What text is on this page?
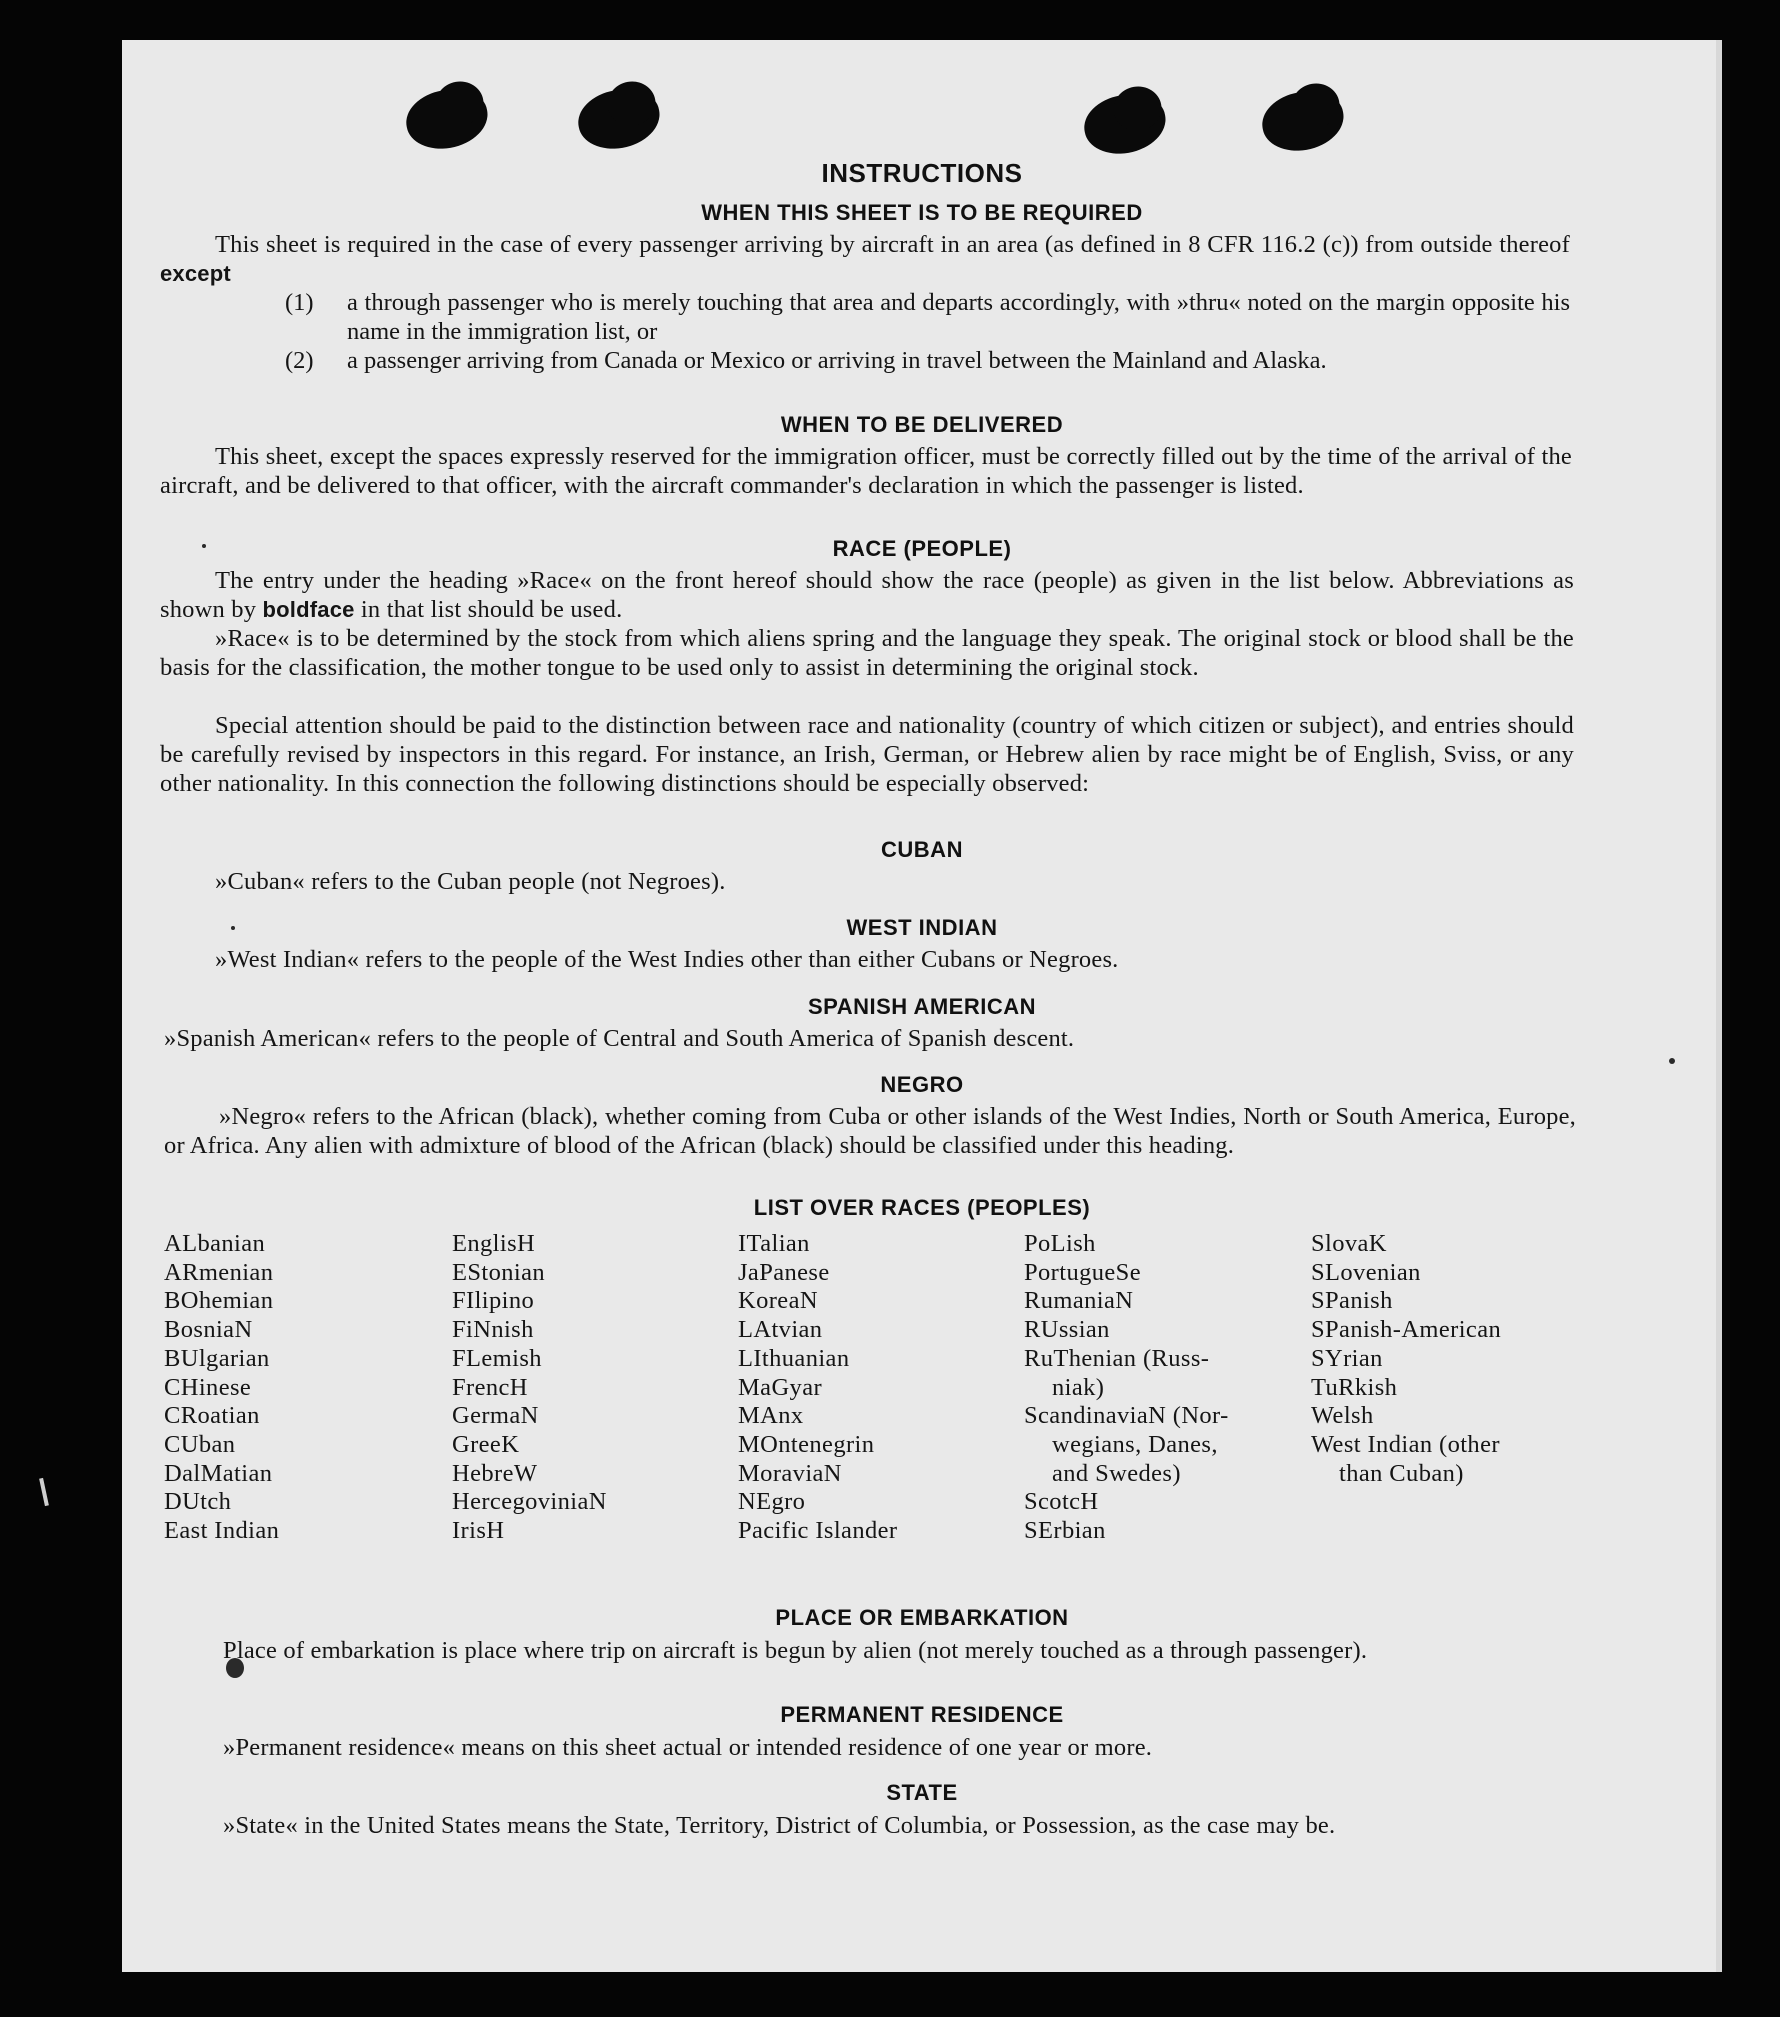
INSTRUCTIONS
WHEN THIS SHEET IS TO BE REQUIRED
This sheet is required in the case of every passenger arriving by aircraft in an area (as defined in 8 CFR 116.2 (c)) from outside thereof except
(1) a through passenger who is merely touching that area and departs accordingly, with »thru« noted on the margin opposite his name in the immigration list, or
(2) a passenger arriving from Canada or Mexico or arriving in travel between the Mainland and Alaska.
WHEN TO BE DELIVERED
This sheet, except the spaces expressly reserved for the immigration officer, must be correctly filled out by the time of the arrival of the aircraft, and be delivered to that officer, with the aircraft commander's declaration in which the passenger is listed.
RACE (PEOPLE)
The entry under the heading »Race« on the front hereof should show the race (people) as given in the list below. Abbreviations as shown by boldface in that list should be used.
»Race« is to be determined by the stock from which aliens spring and the language they speak. The original stock or blood shall be the basis for the classification, the mother tongue to be used only to assist in determining the original stock.
Special attention should be paid to the distinction between race and nationality (country of which citizen or subject), and entries should be carefully revised by inspectors in this regard. For instance, an Irish, German, or Hebrew alien by race might be of English, Sviss, or any other nationality. In this connection the following distinctions should be especially observed:
CUBAN
»Cuban« refers to the Cuban people (not Negroes).
WEST INDIAN
»West Indian« refers to the people of the West Indies other than either Cubans or Negroes.
SPANISH AMERICAN
»Spanish American« refers to the people of Central and South America of Spanish descent.
NEGRO
»Negro« refers to the African (black), whether coming from Cuba or other islands of the West Indies, North or South America, Europe, or Africa. Any alien with admixture of blood of the African (black) should be classified under this heading.
LIST OVER RACES (PEOPLES)
ALbanian
ARmenian
BOhemian
BosniaN
BUlgarian
CHinese
CRoatian
CUban
DalMatian
DUtch
East Indian
EnglisH
EStonian
FIlipino
FiNnish
FLemish
FrencH
GermaN
GreeK
HebreW
HercegoviniaN
IrisH
ITalian
JaPanese
KoreaN
LAtvian
LIthuanian
MaGyar
MAnx
MOntenegrin
MoraviaN
NEgro
Pacific Islander
PoLish
PortugueSe
RumaniaN
RUssian
RuThenian (Russ-
niak)
ScandinaviaN (Nor-
wegians, Danes,
and Swedes)
ScotcH
SErbian
SlovaK
SLovenian
SPanish
SPanish-American
SYrian
TuRkish
Welsh
West Indian (other
than Cuban)
PLACE OR EMBARKATION
Place of embarkation is place where trip on aircraft is begun by alien (not merely touched as a through passenger).
PERMANENT RESIDENCE
»Permanent residence« means on this sheet actual or intended residence of one year or more.
STATE
»State« in the United States means the State, Territory, District of Columbia, or Possession, as the case may be.
